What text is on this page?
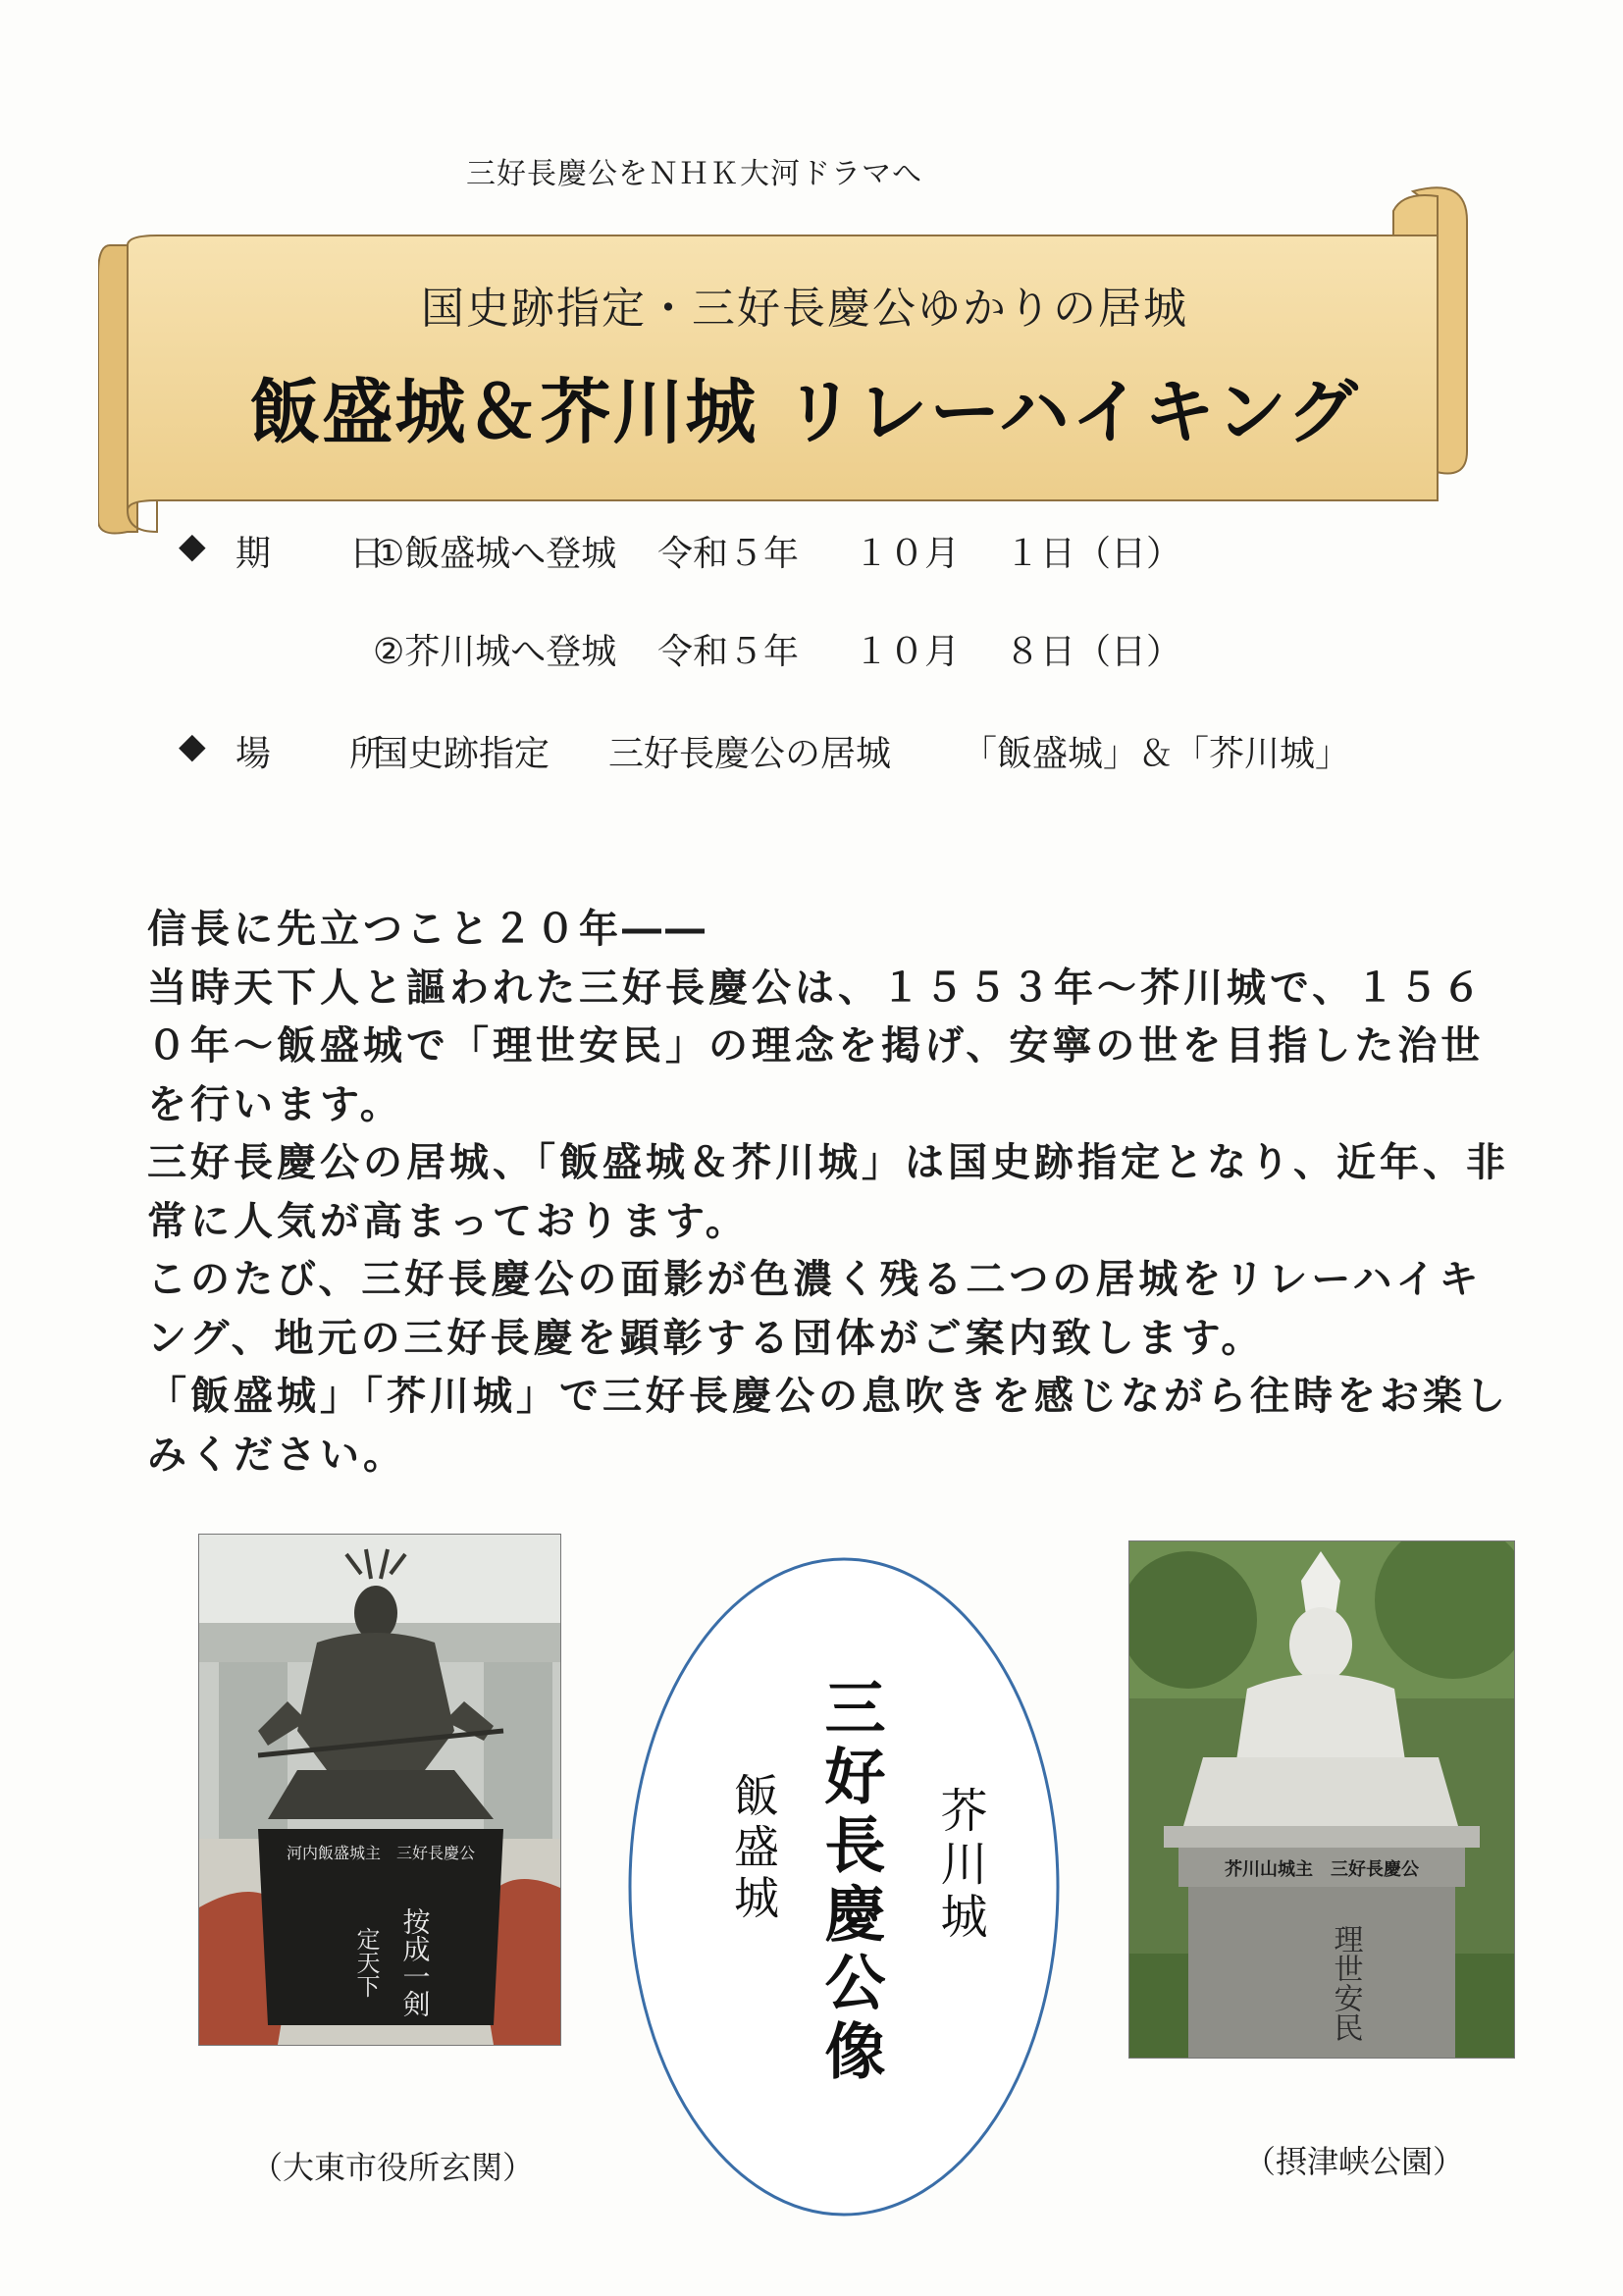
三好長慶公をＮＨＫ大河ドラマへ
国史跡指定・三好長慶公ゆかりの居城
飯盛城＆芥川城 リレーハイキング
◆ 期　日
①飯盛城へ登城	令和５年	１０月	１日（日）
②芥川城へ登城	令和５年	１０月	８日（日）
◆ 場　所
国史跡指定	三好長慶公の居城	「飯盛城」＆「芥川城」

信長に先立つこと２０年――

当時天下人と謳われた三好長慶公は、１５５３年～芥川城で、１５６０年～飯盛城で「理世安民」の理念を掲げ、安寧の世を目指した治世を行います。

三好長慶公の居城、「飯盛城＆芥川城」は国史跡指定となり、近年、非常に人気が高まっております。

このたび、三好長慶公の面影が色濃く残る二つの居城をリレーハイキング、地元の三好長慶を顕彰する団体がご案内致します。

「飯盛城」「芥川城」で三好長慶公の息吹きを感じながら往時をお楽しみください。

河内飯盛城主　三好長慶公
按成一剣
定天下
（大東市役所玄関）
三好長慶公像 芥川城
飯盛城	芥川山城主　三好長慶公
理世安民
（摂津峡公園）
